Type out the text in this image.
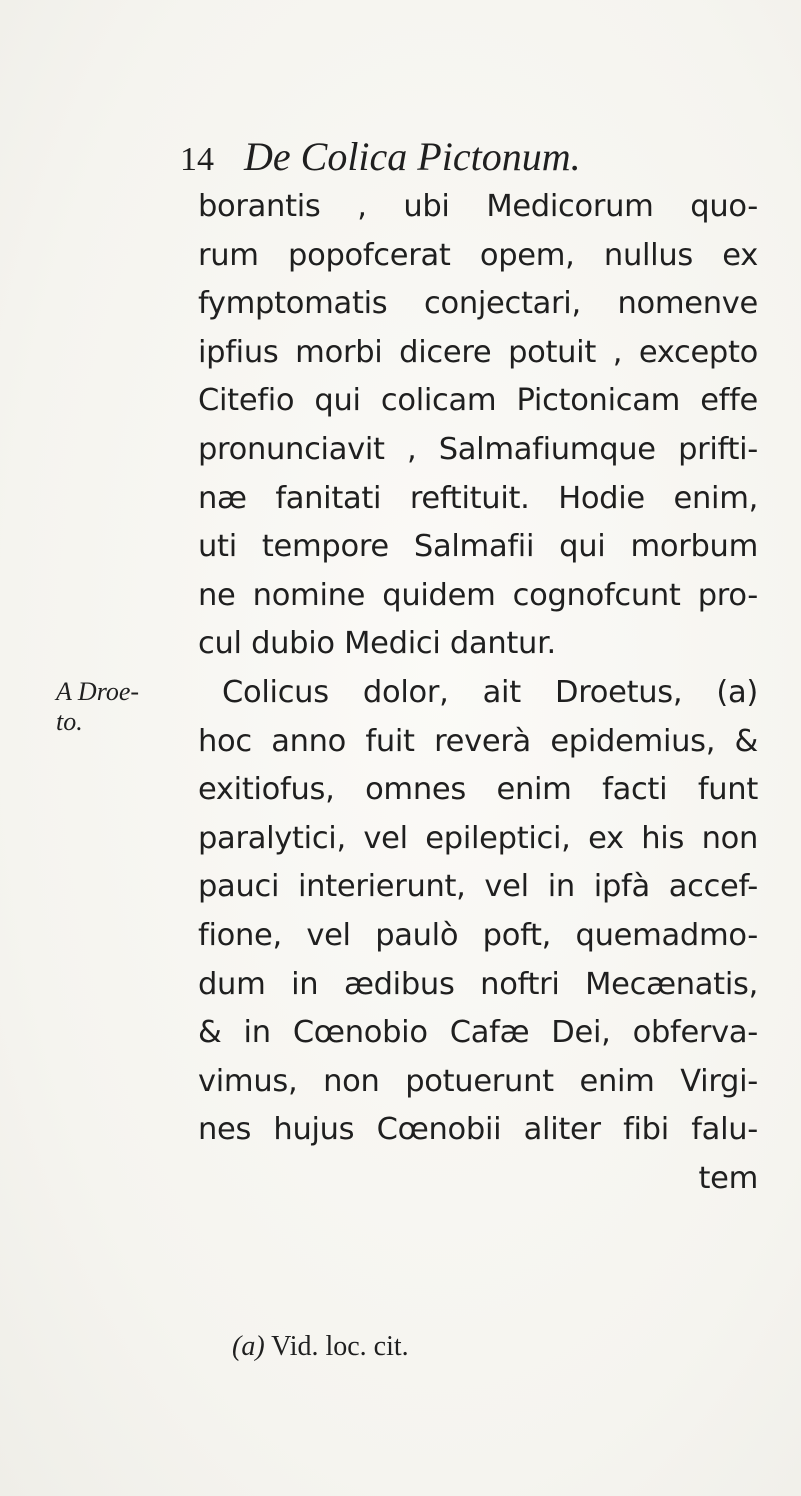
14 De Colica Pictonum.
borantis , ubi Medicorum quo-
rum popofcerat opem, nullus ex
fymptomatis conjectari, nomenve
ipfius morbi dicere potuit , excepto
Citefio qui colicam Pictonicam effe
pronunciavit , Salmafiumque prifti-
næ fanitati reftituit. Hodie enim,
uti tempore Salmafii qui morbum
ne nomine quidem cognofcunt pro-
cul dubio Medici dantur.
Colicus dolor, ait Droetus, (a)
hoc anno fuit reverà epidemius, &
exitiofus, omnes enim facti funt
paralytici, vel epileptici, ex his non
pauci interierunt, vel in ipfà accef-
fione, vel paulò poft, quemadmo-
dum in ædibus noftri Mecænatis,
& in Cœnobio Cafæ Dei, obferva-
vimus, non potuerunt enim Virgi-
nes hujus Cœnobii aliter fibi falu-
tem
A Droe-
to.
(a) Vid. loc. cit.
